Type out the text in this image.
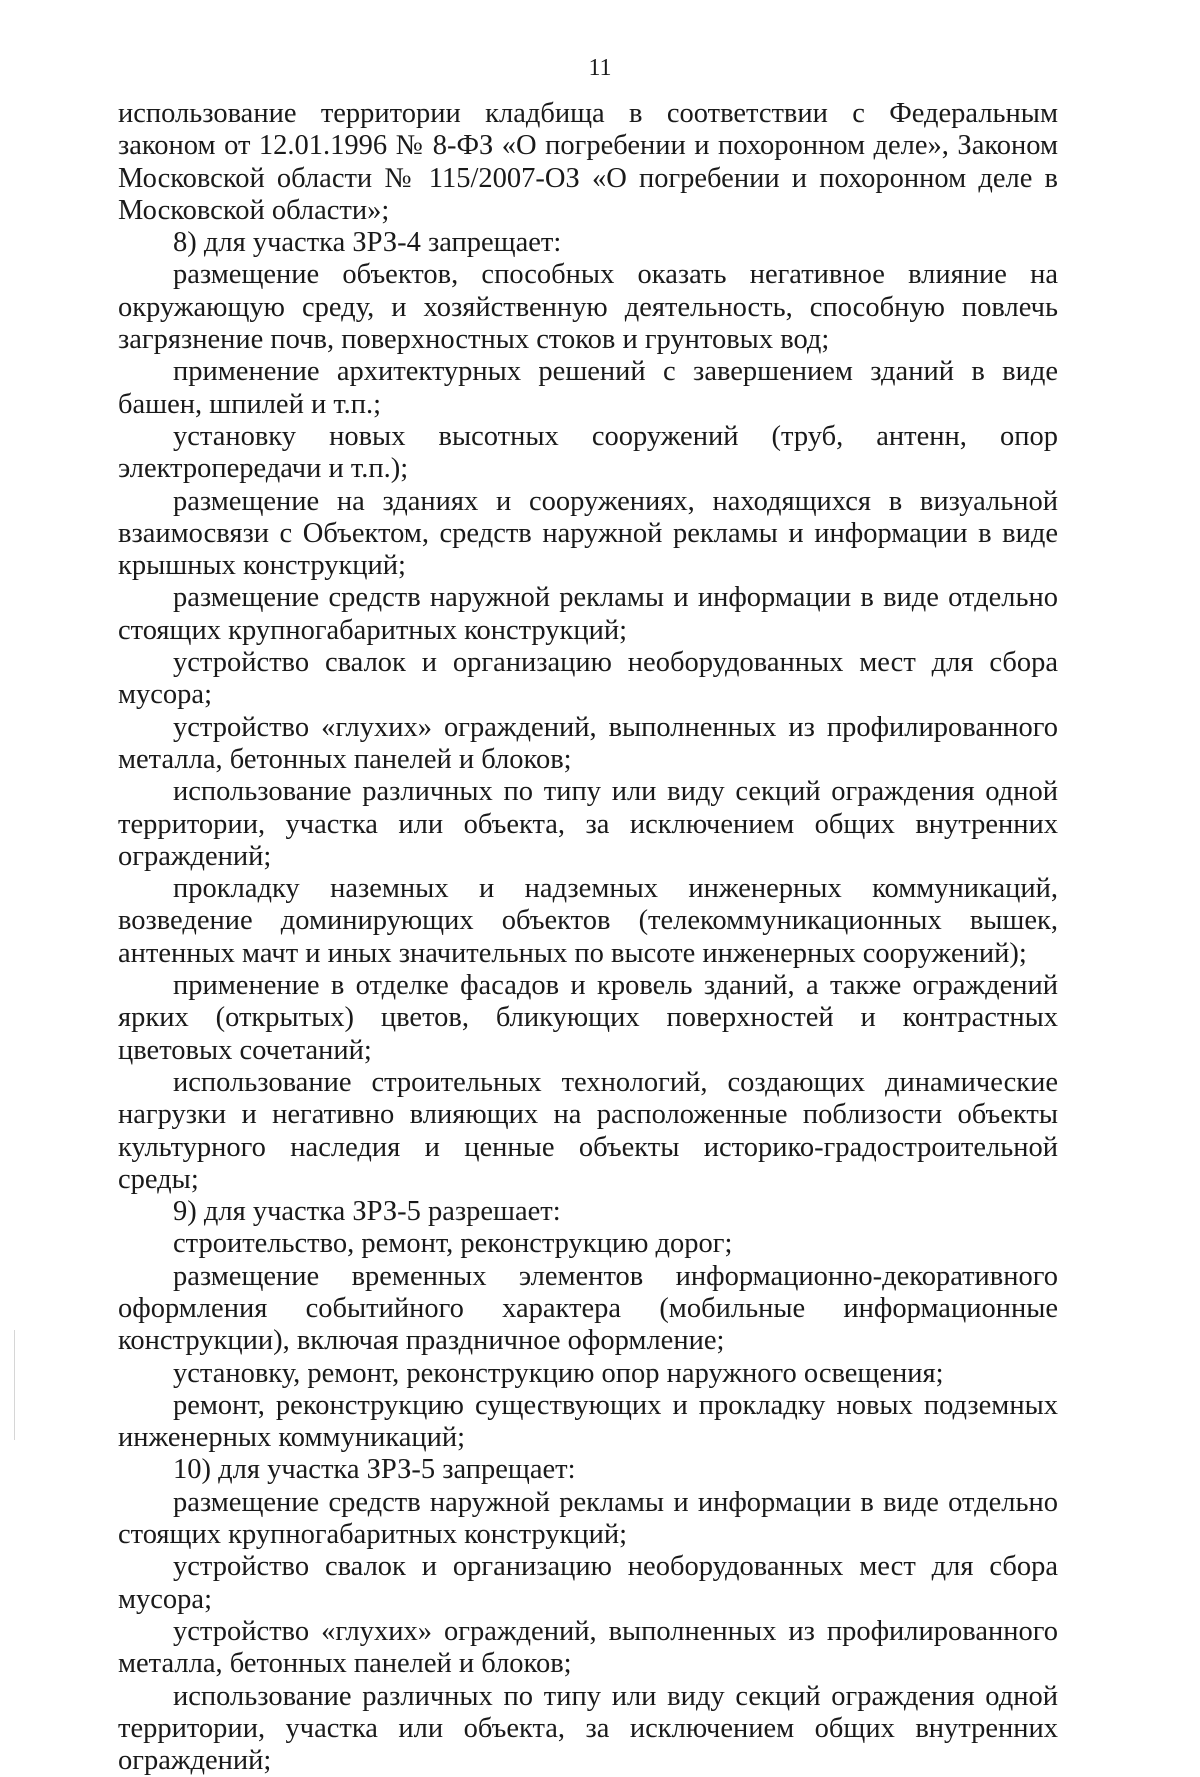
11

использование территории кладбища в соответствии с Федеральным законом от 12.01.1996 № 8-ФЗ «О погребении и похоронном деле», Законом Московской области № 115/2007-ОЗ «О погребении и похоронном деле в Московской области»;

8) для участка ЗРЗ-4 запрещает:

размещение объектов, способных оказать негативное влияние на окружающую среду, и хозяйственную деятельность, способную повлечь загрязнение почв, поверхностных стоков и грунтовых вод;

применение архитектурных решений с завершением зданий в виде башен, шпилей и т.п.;

установку новых высотных сооружений (труб, антенн, опор электропередачи и т.п.);

размещение на зданиях и сооружениях, находящихся в визуальной взаимосвязи с Объектом, средств наружной рекламы и информации в виде крышных конструкций;

размещение средств наружной рекламы и информации в виде отдельно стоящих крупногабаритных конструкций;

устройство свалок и организацию необорудованных мест для сбора мусора;

устройство «глухих» ограждений, выполненных из профилированного металла, бетонных панелей и блоков;

использование различных по типу или виду секций ограждения одной территории, участка или объекта, за исключением общих внутренних ограждений;

прокладку наземных и надземных инженерных коммуникаций, возведение доминирующих объектов (телекоммуникационных вышек, антенных мачт и иных значительных по высоте инженерных сооружений);

применение в отделке фасадов и кровель зданий, а также ограждений ярких (открытых) цветов, бликующих поверхностей и контрастных цветовых сочетаний;

использование строительных технологий, создающих динамические нагрузки и негативно влияющих на расположенные поблизости объекты культурного наследия и ценные объекты историко-градостроительной среды;

9) для участка ЗРЗ-5 разрешает:

строительство, ремонт, реконструкцию дорог;

размещение временных элементов информационно-декоративного оформления событийного характера (мобильные информационные конструкции), включая праздничное оформление;

установку, ремонт, реконструкцию опор наружного освещения;

ремонт, реконструкцию существующих и прокладку новых подземных инженерных коммуникаций;

10) для участка ЗРЗ-5 запрещает:

размещение средств наружной рекламы и информации в виде отдельно стоящих крупногабаритных конструкций;

устройство свалок и организацию необорудованных мест для сбора мусора;

устройство «глухих» ограждений, выполненных из профилированного металла, бетонных панелей и блоков;

использование различных по типу или виду секций ограждения одной территории, участка или объекта, за исключением общих внутренних ограждений;
